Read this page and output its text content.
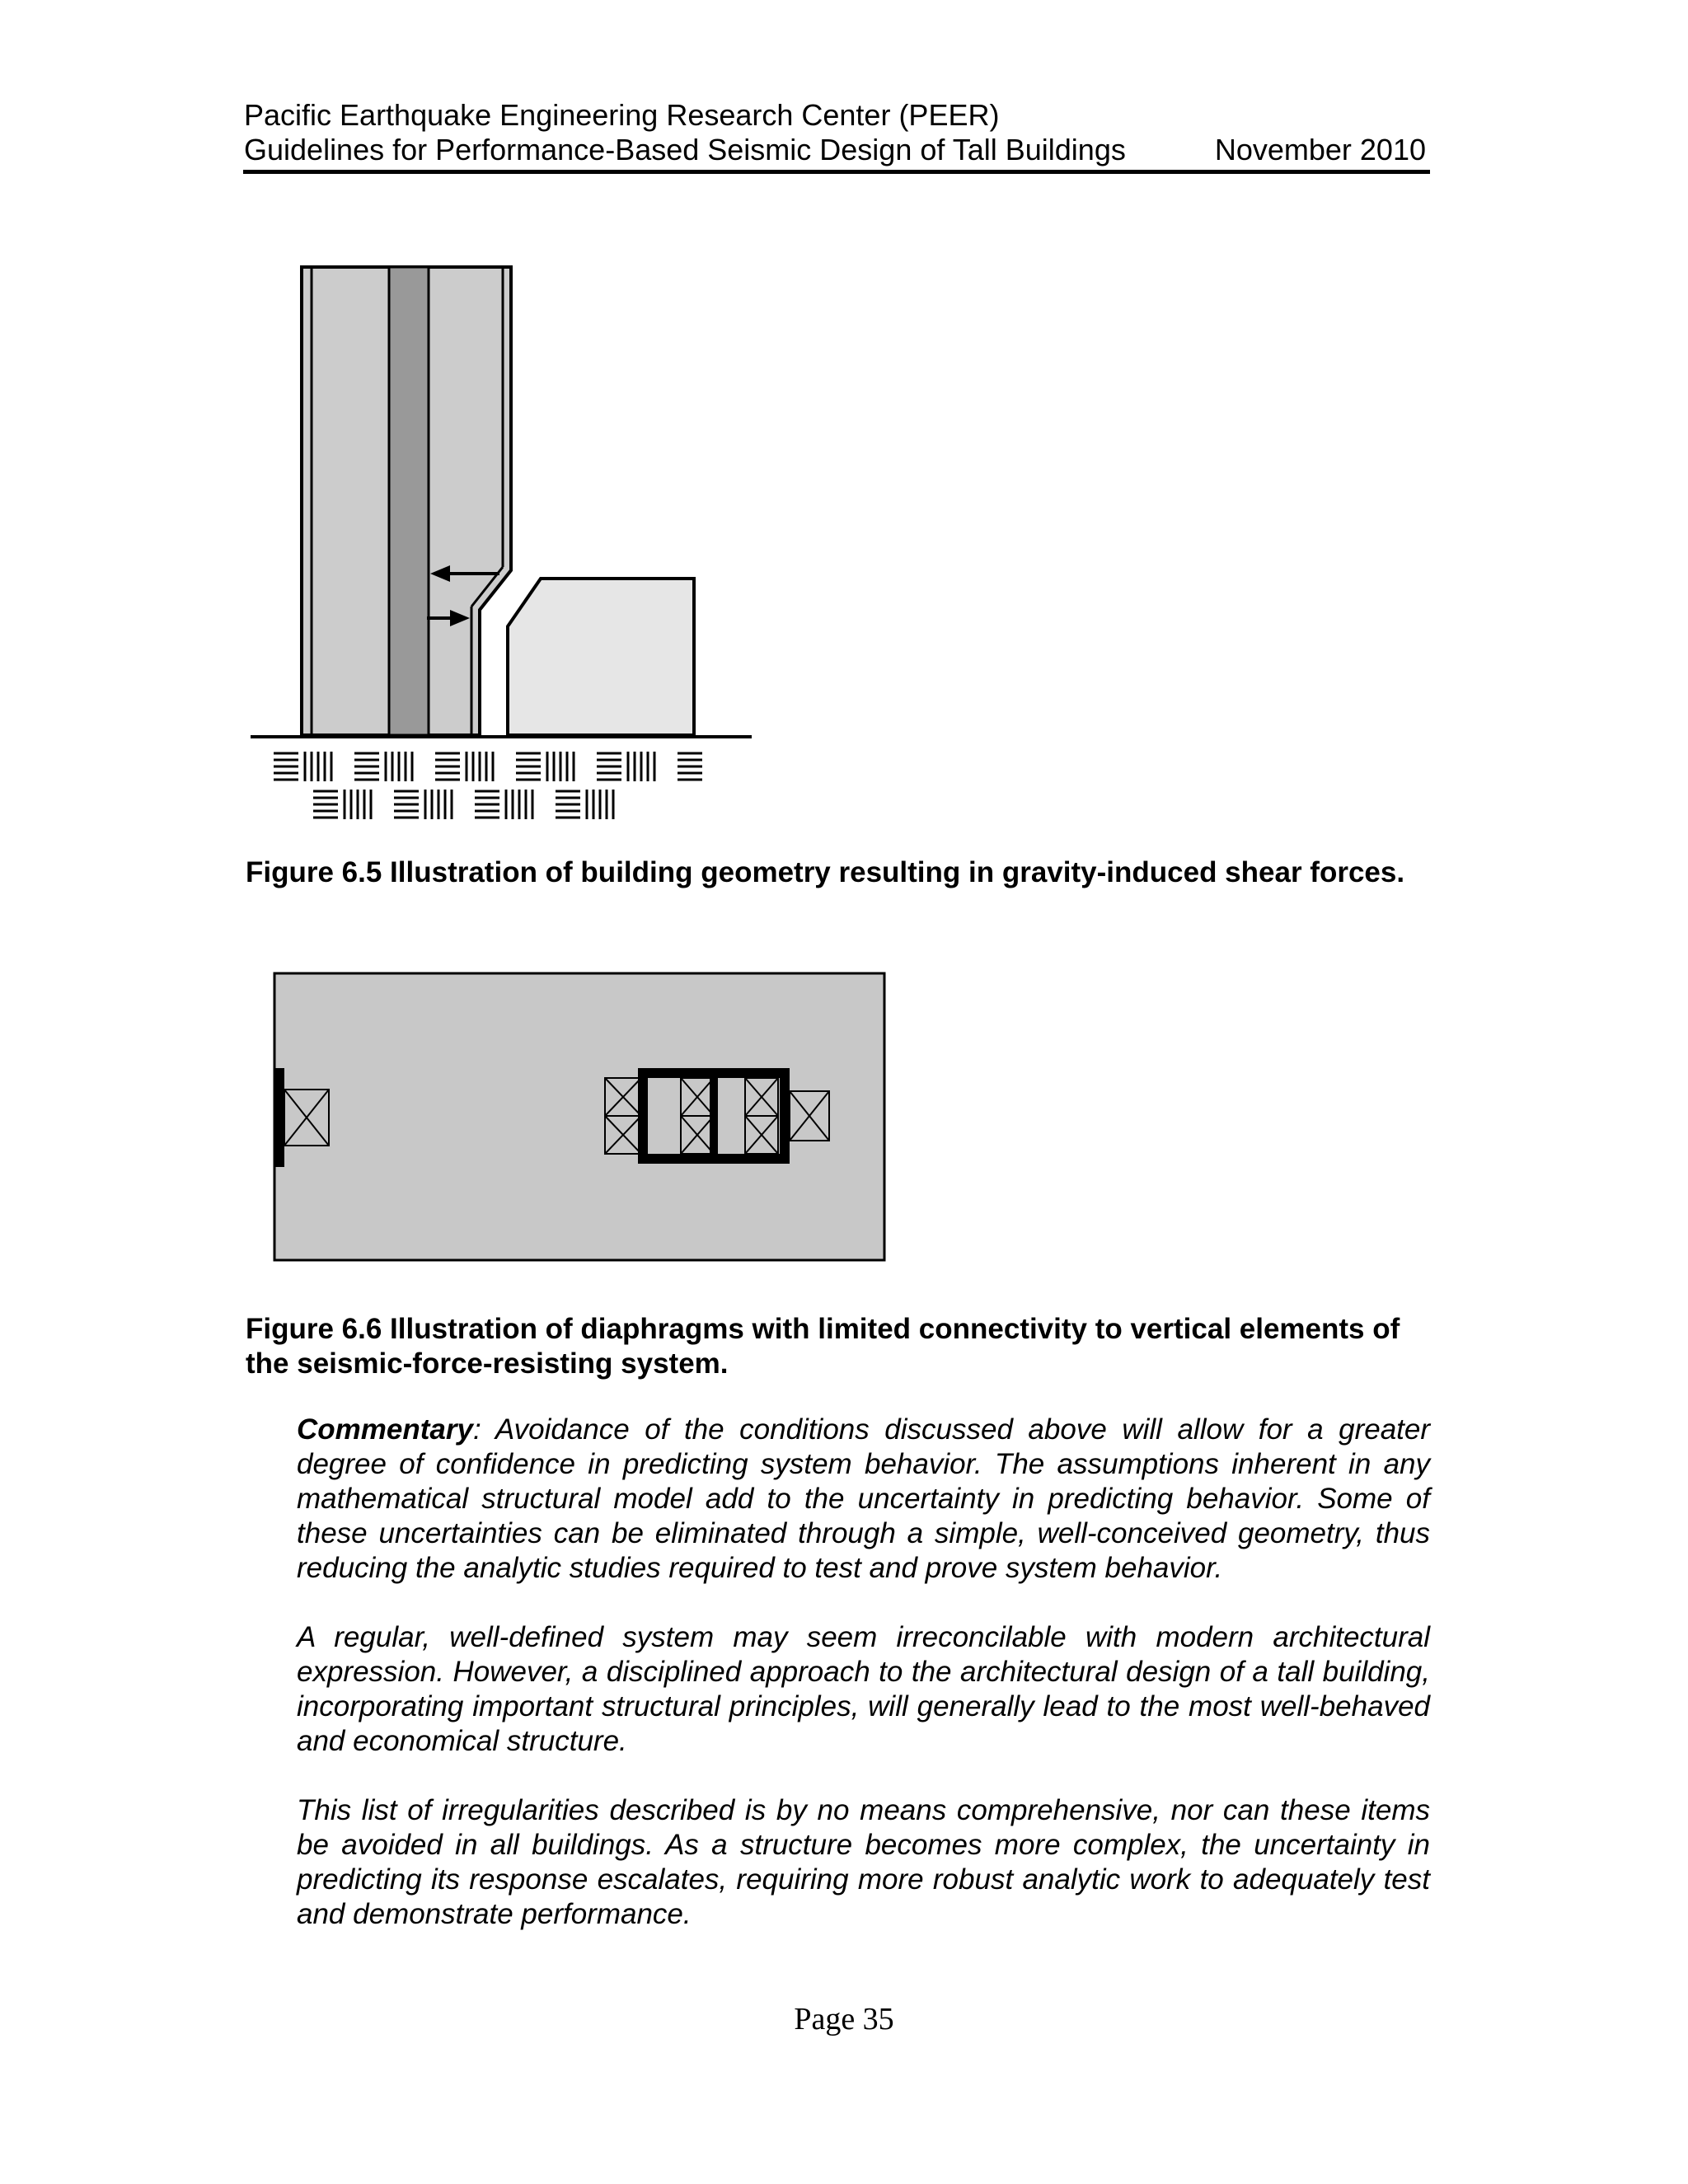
Pacific Earthquake Engineering Research Center (PEER)
Guidelines for Performance-Based Seismic Design of Tall Buildings	November 2010
Figure 6.5 Illustration of building geometry resulting in gravity-induced shear forces.
Figure 6.6 Illustration of diaphragms with limited connectivity to vertical elements of the seismic-force-resisting system.

Commentary: Avoidance of the conditions discussed above will allow for a greater degree of confidence in predicting system behavior. The assumptions inherent in any mathematical structural model add to the uncertainty in predicting behavior. Some of these uncertainties can be eliminated through a simple, well-conceived geometry, thus reducing the analytic studies required to test and prove system behavior.

A regular, well-defined system may seem irreconcilable with modern architectural expression. However, a disciplined approach to the architectural design of a tall building, incorporating important structural principles, will generally lead to the most well-behaved and economical structure.

This list of irregularities described is by no means comprehensive, nor can these items be avoided in all buildings. As a structure becomes more complex, the uncertainty in predicting its response escalates, requiring more robust analytic work to adequately test and demonstrate performance.

Page 35
